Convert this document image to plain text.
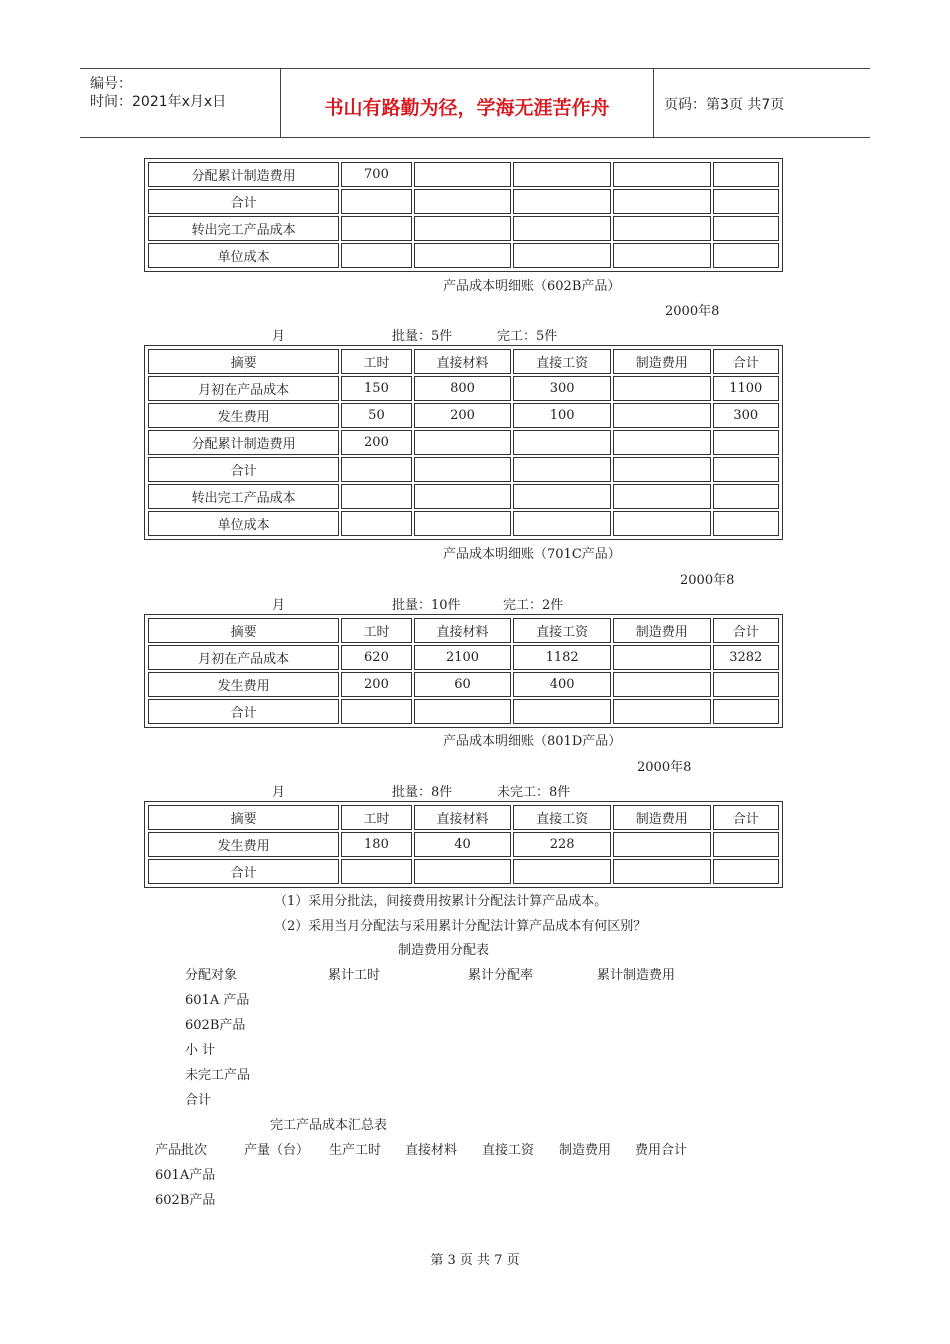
编号：
时间：2021年x月x日	书山有路勤为径，学海无涯苦作舟	页码：第3页 共7页
分配累计制造费用	700				
合计					
转出完工产品成本					
单位成本					
产品成本明细账（602B产品）
2000年8
月	批量：5件	完工：5件
摘要	工时	直接材料	直接工资	制造费用	合计
月初在产品成本	150	800	300		1100
发生费用	50	200	100		300
分配累计制造费用	200				
合计					
转出完工产品成本					
单位成本					
产品成本明细账（701C产品）
2000年8
月	批量：10件	完工：2件
摘要	工时	直接材料	直接工资	制造费用	合计
月初在产品成本	620	2100	1182		3282
发生费用	200	60	400		
合计					
产品成本明细账（801D产品）
2000年8
月	批量：8件	未完工：8件
摘要	工时	直接材料	直接工资	制造费用	合计
发生费用	180	40	228		
合计					
（1）采用分批法，间接费用按累计分配法计算产品成本。
（2）采用当月分配法与采用累计分配法计算产品成本有何区别？
制造费用分配表
分配对象	累计工时	累计分配率	累计制造费用
601A 产品
602B产品
小 计
未完工产品
合计
完工产品成本汇总表
产品批次	产量（台） 生产工时 直接材料 直接工资 制造费用 费用合计
601A产品
602B产品
第 3 页 共 7 页
